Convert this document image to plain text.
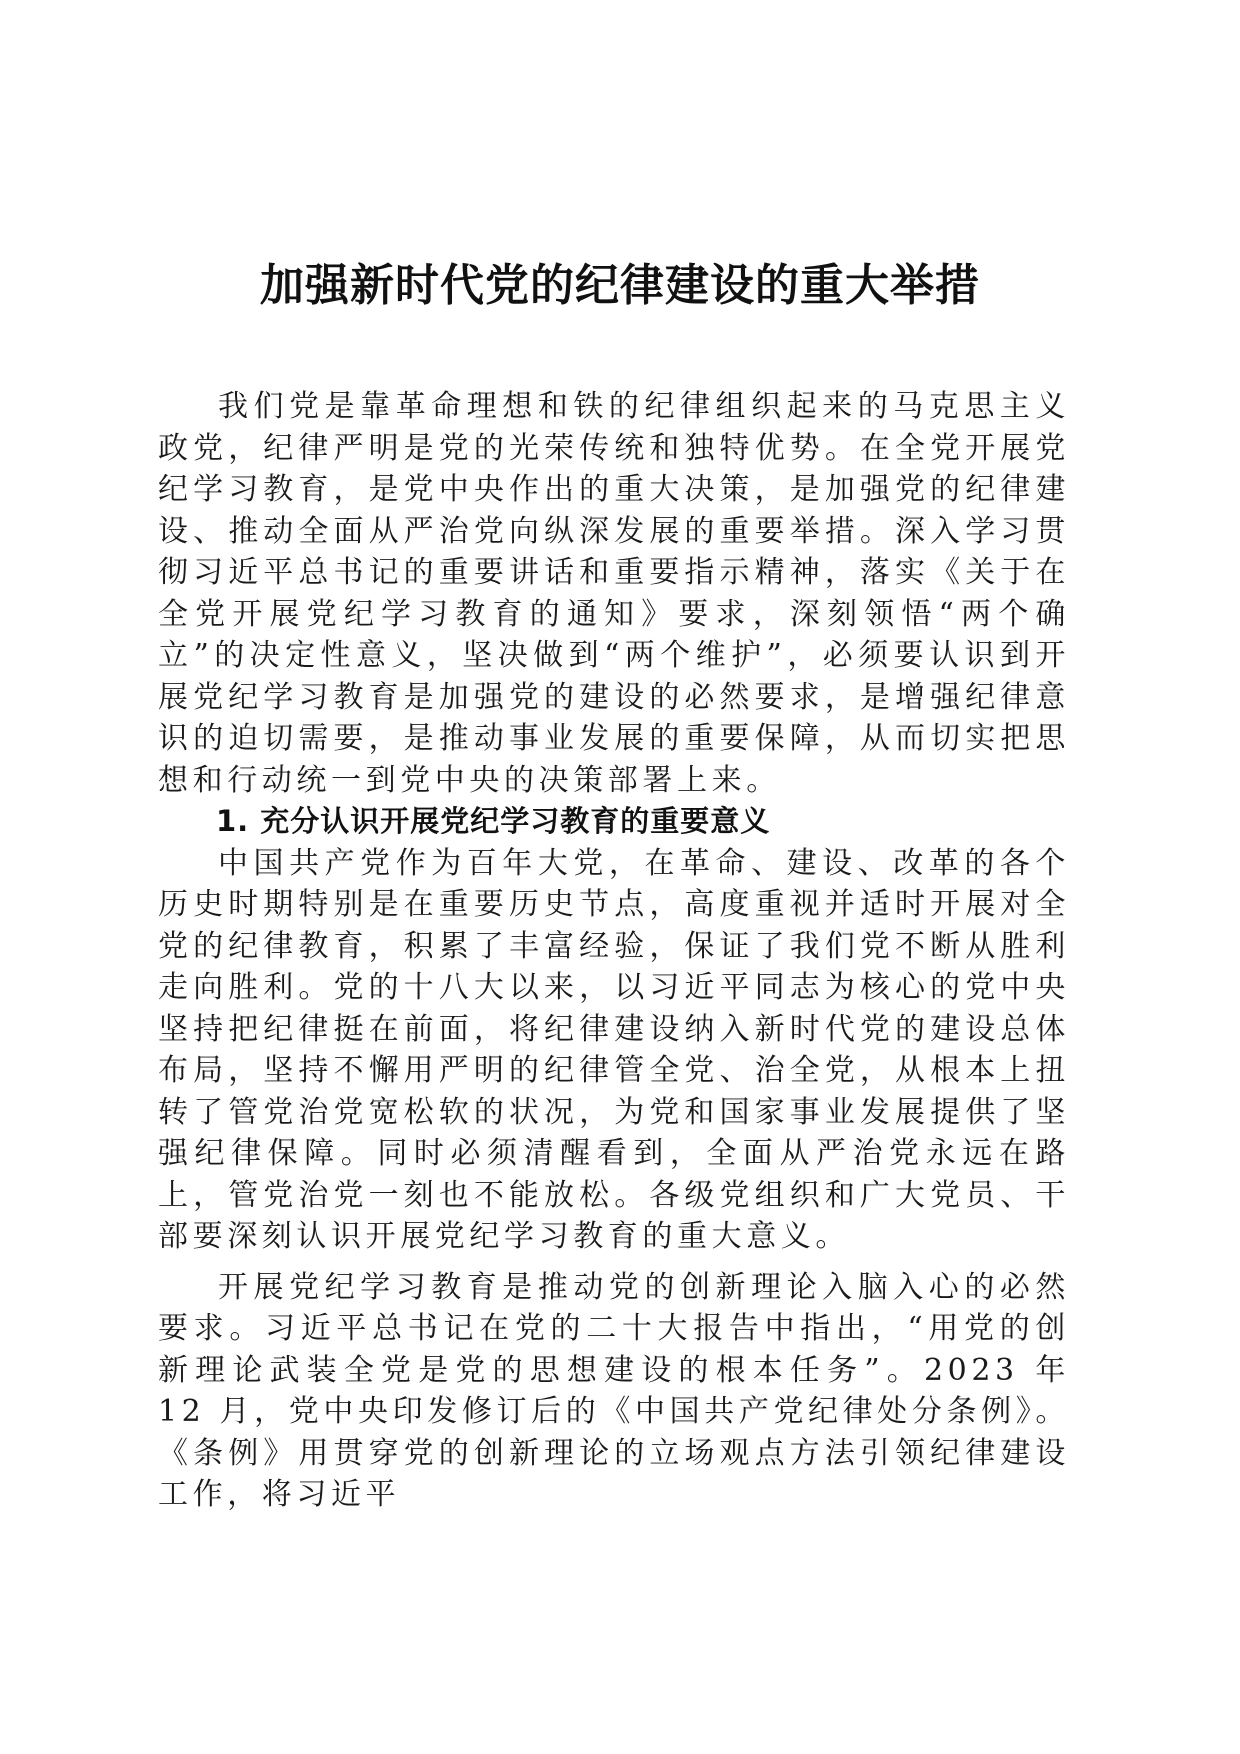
加强新时代党的纪律建设的重大举措

我们党是靠革命理想和铁的纪律组织起来的马克思主义政党，纪律严明是党的光荣传统和独特优势。在全党开展党纪学习教育，是党中央作出的重大决策，是加强党的纪律建设、推动全面从严治党向纵深发展的重要举措。深入学习贯彻习近平总书记的重要讲话和重要指示精神，落实《关于在全党开展党纪学习教育的通知》要求，深刻领悟“两个确立”的决定性意义，坚决做到“两个维护”，必须要认识到开展党纪学习教育是加强党的建设的必然要求，是增强纪律意识的迫切需要，是推动事业发展的重要保障，从而切实把思想和行动统一到党中央的决策部署上来。

1. 充分认识开展党纪学习教育的重要意义

中国共产党作为百年大党，在革命、建设、改革的各个历史时期特别是在重要历史节点，高度重视并适时开展对全党的纪律教育，积累了丰富经验，保证了我们党不断从胜利走向胜利。党的十八大以来，以习近平同志为核心的党中央坚持把纪律挺在前面，将纪律建设纳入新时代党的建设总体布局，坚持不懈用严明的纪律管全党、治全党，从根本上扭转了管党治党宽松软的状况，为党和国家事业发展提供了坚强纪律保障。同时必须清醒看到，全面从严治党永远在路上，管党治党一刻也不能放松。各级党组织和广大党员、干部要深刻认识开展党纪学习教育的重大意义。

开展党纪学习教育是推动党的创新理论入脑入心的必然要求。习近平总书记在党的二十大报告中指出，“用党的创新理论武装全党是党的思想建设的根本任务”。2023 年 12 月，党中央印发修订后的《中国共产党纪律处分条例》。《条例》用贯穿党的创新理论的立场观点方法引领纪律建设工作，将习近平
